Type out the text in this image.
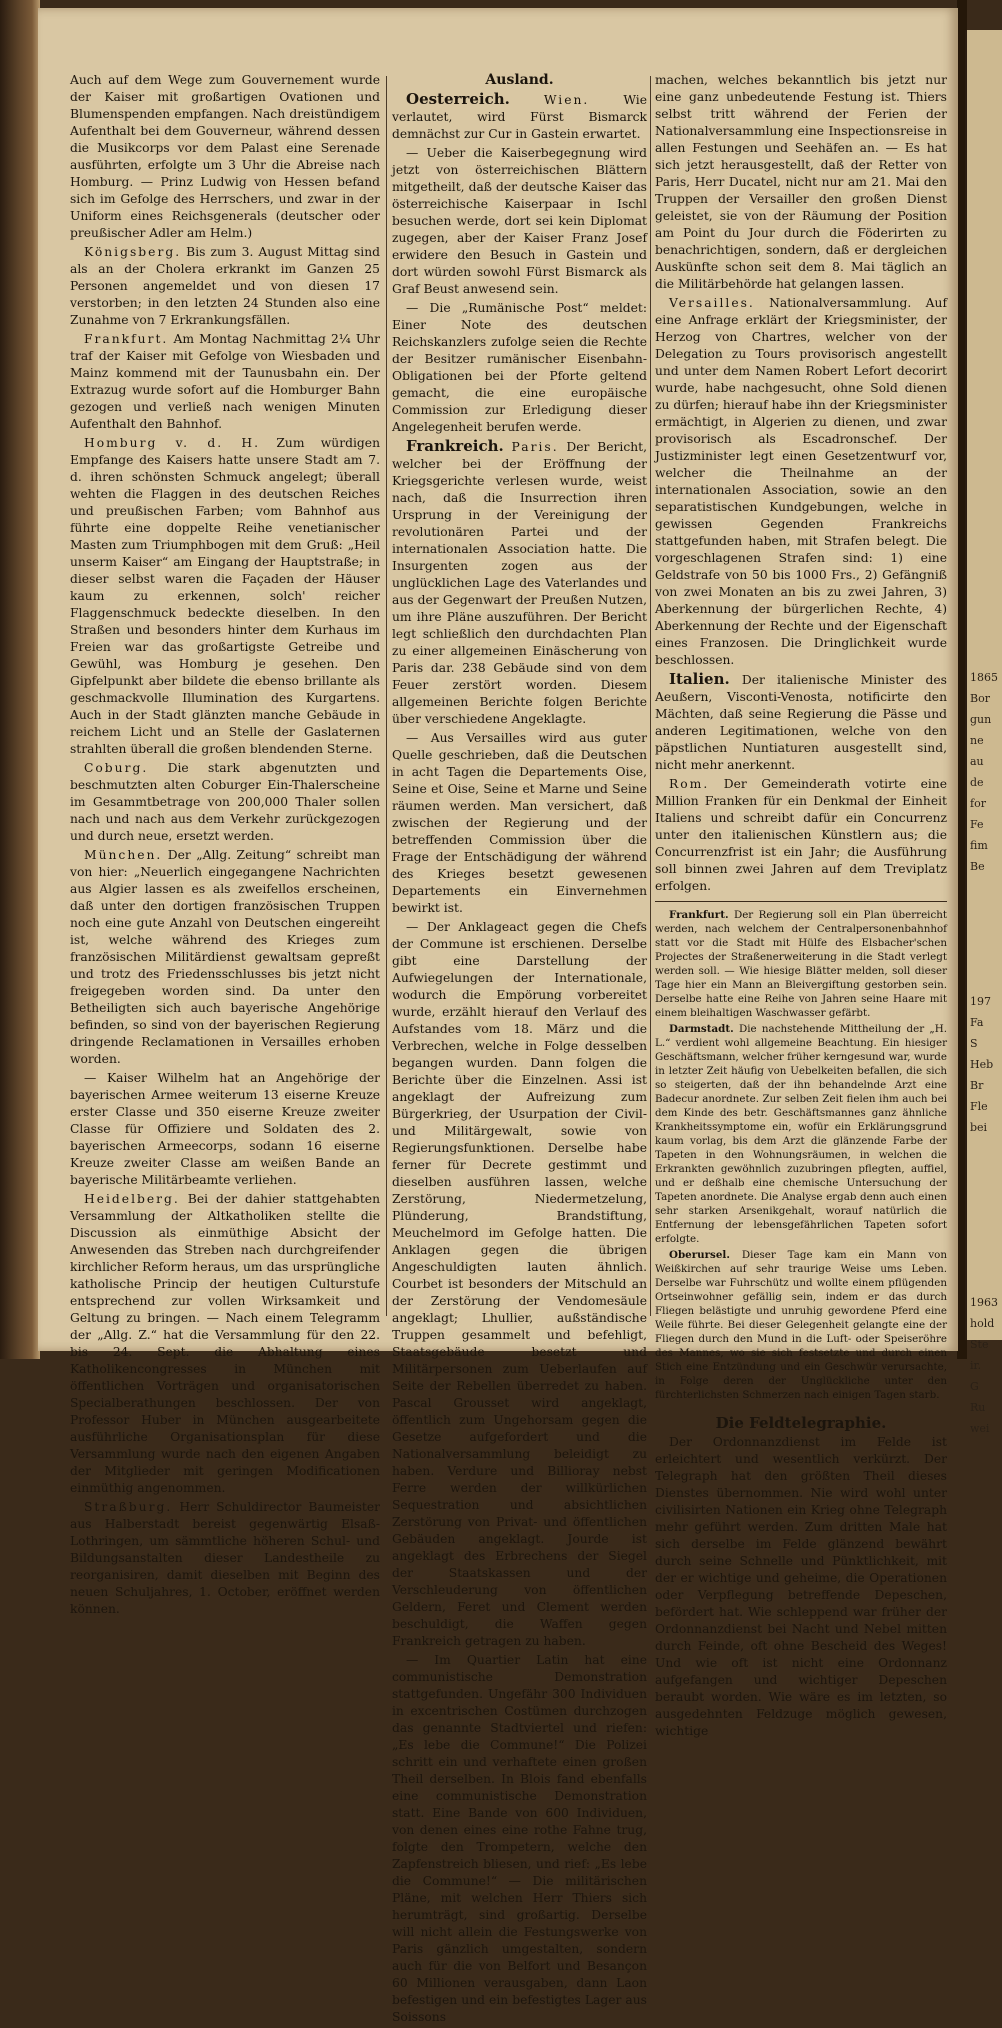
Auch auf dem Wege zum Gouvernement wurde der Kaiser mit großartigen Ovationen und Blumenspenden empfangen. Nach dreistündigem Aufenthalt bei dem Gouverneur, während dessen die Musikcorps vor dem Palast eine Serenade ausführten, erfolgte um 3 Uhr die Abreise nach Homburg. — Prinz Ludwig von Hessen befand sich im Gefolge des Herrschers, und zwar in der Uniform eines Reichsgenerals (deutscher oder preußischer Adler am Helm.)

Königsberg. Bis zum 3. August Mittag sind als an der Cholera erkrankt im Ganzen 25 Personen angemeldet und von diesen 17 verstorben; in den letzten 24 Stunden also eine Zunahme von 7 Erkrankungsfällen.

Frankfurt. Am Montag Nachmittag 2¼ Uhr traf der Kaiser mit Gefolge von Wiesbaden und Mainz kommend mit der Taunusbahn ein. Der Extrazug wurde sofort auf die Homburger Bahn gezogen und verließ nach wenigen Minuten Aufenthalt den Bahnhof.

Homburg v. d. H. Zum würdigen Empfange des Kaisers hatte unsere Stadt am 7. d. ihren schönsten Schmuck angelegt; überall wehten die Flaggen in des deutschen Reiches und preußischen Farben; vom Bahnhof aus führte eine doppelte Reihe venetianischer Masten zum Triumphbogen mit dem Gruß: „Heil unserm Kaiser“ am Eingang der Hauptstraße; in dieser selbst waren die Façaden der Häuser kaum zu erkennen, solch' reicher Flaggenschmuck bedeckte dieselben. In den Straßen und besonders hinter dem Kurhaus im Freien war das großartigste Getreibe und Gewühl, was Homburg je gesehen. Den Gipfelpunkt aber bildete die ebenso brillante als geschmackvolle Illumination des Kurgartens. Auch in der Stadt glänzten manche Gebäude in reichem Licht und an Stelle der Gaslaternen strahlten überall die großen blendenden Sterne.

Coburg. Die stark abgenutzten und beschmutzten alten Coburger Ein-Thalerscheine im Gesammtbetrage von 200,000 Thaler sollen nach und nach aus dem Verkehr zurückgezogen und durch neue, ersetzt werden.

München. Der „Allg. Zeitung“ schreibt man von hier: „Neuerlich eingegangene Nachrichten aus Algier lassen es als zweifellos erscheinen, daß unter den dortigen französischen Truppen noch eine gute Anzahl von Deutschen eingereiht ist, welche während des Krieges zum französischen Militärdienst gewaltsam gepreßt und trotz des Friedensschlusses bis jetzt nicht freigegeben worden sind. Da unter den Betheiligten sich auch bayerische Angehörige befinden, so sind von der bayerischen Regierung dringende Reclamationen in Versailles erhoben worden.

— Kaiser Wilhelm hat an Angehörige der bayerischen Armee weiterum 13 eiserne Kreuze erster Classe und 350 eiserne Kreuze zweiter Classe für Offiziere und Soldaten des 2. bayerischen Armeecorps, sodann 16 eiserne Kreuze zweiter Classe am weißen Bande an bayerische Militärbeamte verliehen.

Heidelberg. Bei der dahier stattgehabten Versammlung der Altkatholiken stellte die Discussion als einmüthige Absicht der Anwesenden das Streben nach durchgreifender kirchlicher Reform heraus, um das ursprüngliche katholische Princip der heutigen Culturstufe entsprechend zur vollen Wirksamkeit und Geltung zu bringen. — Nach einem Telegramm der „Allg. Z.“ hat die Versammlung für den 22. bis 24. Sept. die Abhaltung eines Katholikencongresses in München mit öffentlichen Vorträgen und organisatorischen Specialberathungen beschlossen. Der von Professor Huber in München ausgearbeitete ausführliche Organisationsplan für diese Versammlung wurde nach den eigenen Angaben der Mitglieder mit geringen Modificationen einmüthig angenommen.

Straßburg. Herr Schuldirector Baumeister aus Halberstadt bereist gegenwärtig Elsaß-Lothringen, um sämmtliche höheren Schul- und Bildungsanstalten dieser Landestheile zu reorganisiren, damit dieselben mit Beginn des neuen Schuljahres, 1. October, eröffnet werden können.

Ausland.

Oesterreich.	Wien.	Wie verlautet, wird Fürst Bismarck demnächst zur Cur in Gastein erwartet.

— Ueber die Kaiserbegegnung wird jetzt von österreichischen Blättern mitgetheilt, daß der deutsche Kaiser das österreichische Kaiserpaar in Ischl besuchen werde, dort sei kein Diplomat zugegen, aber der Kaiser Franz Josef erwidere den Besuch in Gastein und dort würden sowohl Fürst Bismarck als Graf Beust anwesend sein.

— Die „Rumänische Post“ meldet: Einer Note des deutschen Reichskanzlers zufolge seien die Rechte der Besitzer rumänischer Eisenbahn-Obligationen bei der Pforte geltend gemacht, die eine europäische Commission zur Erledigung dieser Angelegenheit berufen werde.

Frankreich. Paris. Der Bericht, welcher bei der Eröffnung der Kriegsgerichte verlesen wurde, weist nach, daß die Insurrection ihren Ursprung in der Vereinigung der revolutionären Partei und der internationalen Association hatte. Die Insurgenten zogen aus der unglücklichen Lage des Vaterlandes und aus der Gegenwart der Preußen Nutzen, um ihre Pläne auszuführen. Der Bericht legt schließlich den durchdachten Plan zu einer allgemeinen Einäscherung von Paris dar. 238 Gebäude sind von dem Feuer zerstört worden. Diesem allgemeinen Berichte folgen Berichte über verschiedene Angeklagte.

— Aus Versailles wird aus guter Quelle geschrieben, daß die Deutschen in acht Tagen die Departements Oise, Seine et Oise, Seine et Marne und Seine räumen werden. Man versichert, daß zwischen der Regierung und der betreffenden Commission über die Frage der Entschädigung der während des Krieges besetzt gewesenen Departements ein Einvernehmen bewirkt ist.

— Der Anklageact gegen die Chefs der Commune ist erschienen. Derselbe gibt eine Darstellung der Aufwiegelungen der Internationale, wodurch die Empörung vorbereitet wurde, erzählt hierauf den Verlauf des Aufstandes vom 18. März und die Verbrechen, welche in Folge desselben begangen wurden. Dann folgen die Berichte über die Einzelnen. Assi ist angeklagt der Aufreizung zum Bürgerkrieg, der Usurpation der Civil- und Militärgewalt, sowie von Regierungsfunktionen. Derselbe habe ferner für Decrete gestimmt und dieselben ausführen lassen, welche Zerstörung, Niedermetzelung, Plünderung, Brandstiftung, Meuchelmord im Gefolge hatten. Die Anklagen gegen die übrigen Angeschuldigten lauten ähnlich. Courbet ist besonders der Mitschuld an der Zerstörung der Vendomesäule angeklagt; Lhullier, außständische Truppen gesammelt und befehligt, Staatsgebäude besetzt und Militärpersonen zum Ueberlaufen auf Seite der Rebellen überredet zu haben. Pascal Grousset wird angeklagt, öffentlich zum Ungehorsam gegen die Gesetze aufgefordert und die Nationalversammlung beleidigt zu haben. Verdure und Billioray nebst Ferre werden der willkürlichen Sequestration und absichtlichen Zerstörung von Privat- und öffentlichen Gebäuden angeklagt. Jourde ist angeklagt des Erbrechens der Siegel der Staatskassen und der Verschleuderung von öffentlichen Geldern, Feret und Clement werden beschuldigt, die Waffen gegen Frankreich getragen zu haben.

— Im Quartier Latin hat eine communistische Demonstration stattgefunden. Ungefähr 300 Individuen in excentrischen Costümen durchzogen das genannte Stadtviertel und riefen: „Es lebe die Commune!“ Die Polizei schritt ein und verhaftete einen großen Theil derselben. In Blois fand ebenfalls eine communistische Demonstration statt. Eine Bande von 600 Individuen, von denen eines eine rothe Fahne trug, folgte den Trompetern, welche den Zapfenstreich bliesen, und rief: „Es lebe die Commune!“ — Die militärischen Pläne, mit welchen Herr Thiers sich herumträgt, sind großartig. Derselbe will nicht allein die Festungswerke von Paris gänzlich umgestalten, sondern auch für die von Belfort und Besançon 60 Millionen verausgaben, dann Laon befestigen und ein befestigtes Lager aus Soissons

machen, welches bekanntlich bis jetzt nur eine ganz unbedeutende Festung ist. Thiers selbst tritt während der Ferien der Nationalversammlung eine Inspectionsreise in allen Festungen und Seehäfen an. — Es hat sich jetzt herausgestellt, daß der Retter von Paris, Herr Ducatel, nicht nur am 21. Mai den Truppen der Versailler den großen Dienst geleistet, sie von der Räumung der Position am Point du Jour durch die Föderirten zu benachrichtigen, sondern, daß er dergleichen Auskünfte schon seit dem 8. Mai täglich an die Militärbehörde hat gelangen lassen.

Versailles. Nationalversammlung. Auf eine Anfrage erklärt der Kriegsminister, der Herzog von Chartres, welcher von der Delegation zu Tours provisorisch angestellt und unter dem Namen Robert Lefort decorirt wurde, habe nachgesucht, ohne Sold dienen zu dürfen; hierauf habe ihn der Kriegsminister ermächtigt, in Algerien zu dienen, und zwar provisorisch als Escadronschef. Der Justizminister legt einen Gesetzentwurf vor, welcher die Theilnahme an der internationalen Association, sowie an den separatistischen Kundgebungen, welche in gewissen Gegenden Frankreichs stattgefunden haben, mit Strafen belegt. Die vorgeschlagenen Strafen sind: 1) eine Geldstrafe von 50 bis 1000 Frs., 2) Gefängniß von zwei Monaten an bis zu zwei Jahren, 3) Aberkennung der bürgerlichen Rechte, 4) Aberkennung der Rechte und der Eigenschaft eines Franzosen. Die Dringlichkeit wurde beschlossen.

Italien. Der italienische Minister des Aeußern, Visconti-Venosta, notificirte den Mächten, daß seine Regierung die Pässe und anderen Legitimationen, welche von den päpstlichen Nuntiaturen ausgestellt sind, nicht mehr anerkennt.

Rom. Der Gemeinderath votirte eine Million Franken für ein Denkmal der Einheit Italiens und schreibt dafür ein Concurrenz unter den italienischen Künstlern aus; die Concurrenzfrist ist ein Jahr; die Ausführung soll binnen zwei Jahren auf dem Treviplatz erfolgen.

Frankfurt. Der Regierung soll ein Plan überreicht werden, nach welchem der Centralpersonenbahnhof statt vor die Stadt mit Hülfe des Elsbacher'schen Projectes der Straßenerweiterung in die Stadt verlegt werden soll. — Wie hiesige Blätter melden, soll dieser Tage hier ein Mann an Bleivergiftung gestorben sein. Derselbe hatte eine Reihe von Jahren seine Haare mit einem bleihaltigen Waschwasser gefärbt.

Darmstadt. Die nachstehende Mittheilung der „H. L.“ verdient wohl allgemeine Beachtung. Ein hiesiger Geschäftsmann, welcher früher kerngesund war, wurde in letzter Zeit häufig von Uebelkeiten befallen, die sich so steigerten, daß der ihn behandelnde Arzt eine Badecur anordnete. Zur selben Zeit fielen ihm auch bei dem Kinde des betr. Geschäftsmannes ganz ähnliche Krankheitssymptome ein, wofür ein Erklärungsgrund kaum vorlag, bis dem Arzt die glänzende Farbe der Tapeten in den Wohnungsräumen, in welchen die Erkrankten gewöhnlich zuzubringen pflegten, auffiel, und er deßhalb eine chemische Untersuchung der Tapeten anordnete. Die Analyse ergab denn auch einen sehr starken Arsenikgehalt, worauf natürlich die Entfernung der lebensgefährlichen Tapeten sofort erfolgte.

Oberursel. Dieser Tage kam ein Mann von Weißkirchen auf sehr traurige Weise ums Leben. Derselbe war Fuhrschütz und wollte einem pflügenden Ortseinwohner gefällig sein, indem er das durch Fliegen belästigte und unruhig gewordene Pferd eine Weile führte. Bei dieser Gelegenheit gelangte eine der Fliegen durch den Mund in die Luft- oder Speiseröhre des Mannes, wo sie sich festsetzte und durch einen Stich eine Entzündung und ein Geschwür verursachte, in Folge deren der Unglückliche unter den fürchterlichsten Schmerzen nach einigen Tagen starb.

Die Feldtelegraphie.

Der Ordonnanzdienst im Felde ist erleichtert und wesentlich verkürzt. Der Telegraph hat den größten Theil dieses Dienstes übernommen. Nie wird wohl unter civilisirten Nationen ein Krieg ohne Telegraph mehr geführt werden. Zum dritten Male hat sich derselbe im Felde glänzend bewährt durch seine Schnelle und Pünktlichkeit, mit der er wichtige und geheime, die Operationen oder Verpflegung betreffende Depeschen, befördert hat. Wie schleppend war früher der Ordonnanzdienst bei Nacht und Nebel mitten durch Feinde, oft ohne Bescheid des Weges! Und wie oft ist nicht eine Ordonnanz aufgefangen und wichtiger Depeschen beraubt worden. Wie wäre es im letzten, so ausgedehnten Feldzuge möglich gewesen, wichtige

1865
Bor
gun
ne
au
de
for
Fe
fim
Be
197
Fa
S
Heb
Br
Fle
bei
1963
hold
Ste
ir.
G
Ru
wei
